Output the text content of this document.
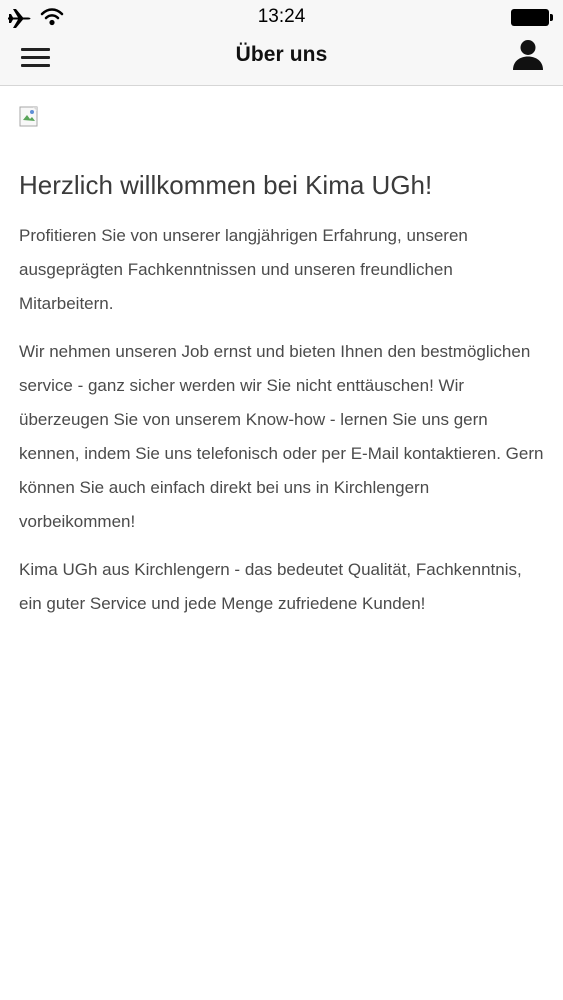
13:24
Über uns
Herzlich willkommen bei Kima UGh!

Profitieren Sie von unserer langjährigen Erfahrung, unseren ausgeprägten Fachkenntnissen und unseren freundlichen Mitarbeitern.

Wir nehmen unseren Job ernst und bieten Ihnen den bestmöglichen service - ganz sicher werden wir Sie nicht enttäuschen! Wir überzeugen Sie von unserem Know-how - lernen Sie uns gern kennen, indem Sie uns telefonisch oder per E-Mail kontaktieren. Gern können Sie auch einfach direkt bei uns in Kirchlengern vorbeikommen!

Kima UGh aus Kirchlengern - das bedeutet Qualität, Fachkenntnis, ein guter Service und jede Menge zufriedene Kunden!
